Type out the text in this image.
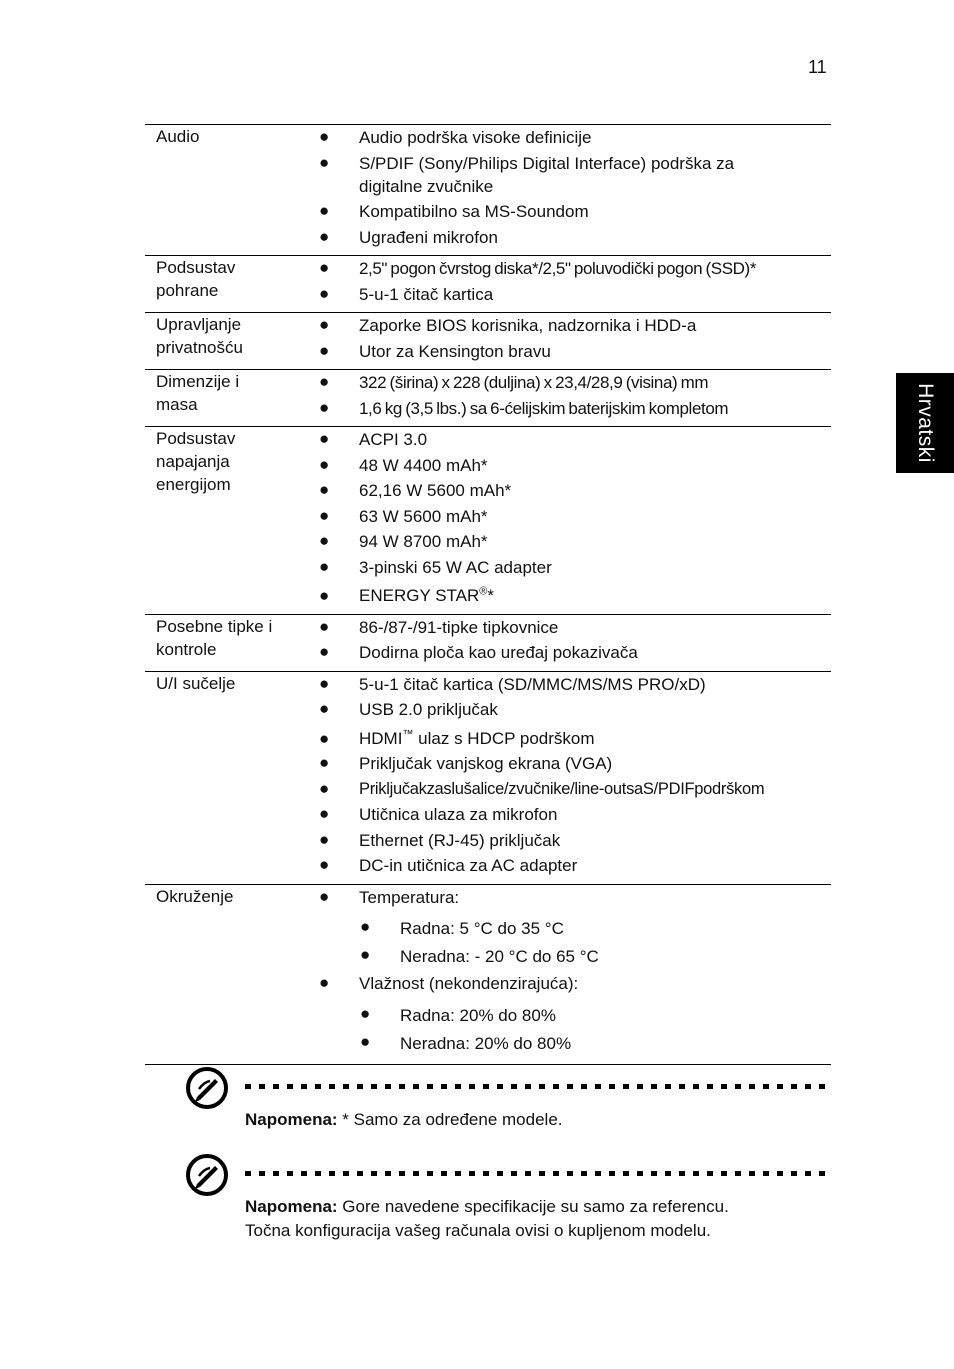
11
Hrvatski
Audio	● Audio podrška visoke definicije
● S/PDIF (Sony/Philips Digital Interface) podrška za digitalne zvučnike
● Kompatibilno sa MS-Soundom
● Ugrađeni mikrofon
Podsustav pohrane
● 2,5" pogon čvrstog diska*/2,5" poluvodički pogon (SSD)*
● 5-u-1 čitač kartica
Upravljanje privatnošću
● Zaporke BIOS korisnika, nadzornika i HDD-a
● Utor za Kensington bravu
Dimenzije i masa
● 322 (širina) x 228 (duljina) x 23,4/28,9 (visina) mm
● 1,6 kg (3,5 lbs.) sa 6-ćelijskim baterijskim kompletom
Podsustav napajanja energijom
● ACPI 3.0
● 48 W 4400 mAh*
● 62,16 W 5600 mAh*
● 63 W 5600 mAh*
● 94 W 8700 mAh*
● 3-pinski 65 W AC adapter
● ENERGY STAR®*
Posebne tipke i kontrole
● 86-/87-/91-tipke tipkovnice
● Dodirna ploča kao uređaj pokazivača
U/I sučelje	● 5-u-1 čitač kartica (SD/MMC/MS/MS PRO/xD)
● USB 2.0 priključak
● HDMI™ ulaz s HDCP podrškom
● Priključak vanjskog ekrana (VGA)
● Priključakzaslušalice/zvučnike/line-outsaS/PDIFpodrškom
● Utičnica ulaza za mikrofon
● Ethernet (RJ-45) priključak
● DC-in utičnica za AC adapter
Okruženje	● Temperatura:
● Radna: 5 °C do 35 °C
● Neradna: - 20 °C do 65 °C
● Vlažnost (nekondenzirajuća):
● Radna: 20% do 80%
● Neradna: 20% do 80%
Napomena: * Samo za određene modele.
Napomena: Gore navedene specifikacije su samo za referencu.
Točna konfiguracija vašeg računala ovisi o kupljenom modelu.
